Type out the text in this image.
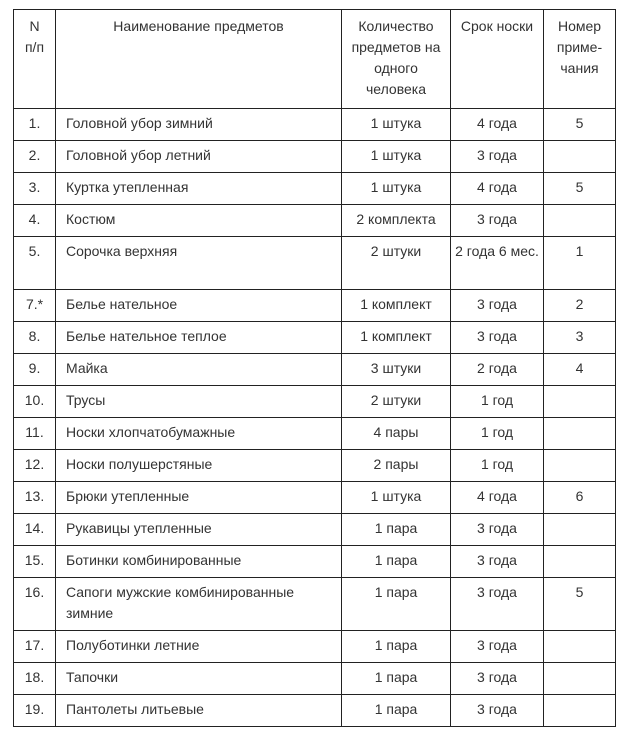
N п/п	Наименование предметов	Количество предметов на одного человека	Срок носки	Номер приме-чания
1.	Головной убор зимний	1 штука	4 года	5
2.	Головной убор летний	1 штука	3 года	
3.	Куртка утепленная	1 штука	4 года	5
4.	Костюм	2 комплекта	3 года	
5.	Сорочка верхняя	2 штуки	2 года 6 мес.	1
7.*	Белье нательное	1 комплект	3 года	2
8.	Белье нательное теплое	1 комплект	3 года	3
9.	Майка	3 штуки	2 года	4
10.	Трусы	2 штуки	1 год	
11.	Носки хлопчатобумажные	4 пары	1 год	
12.	Носки полушерстяные	2 пары	1 год	
13.	Брюки утепленные	1 штука	4 года	6
14.	Рукавицы утепленные	1 пара	3 года	
15.	Ботинки комбинированные	1 пара	3 года	
16.	Сапоги мужские комбинированные зимние	1 пара	3 года	5
17.	Полуботинки летние	1 пара	3 года	
18.	Тапочки	1 пара	3 года	
19.	Пантолеты литьевые	1 пара	3 года	
